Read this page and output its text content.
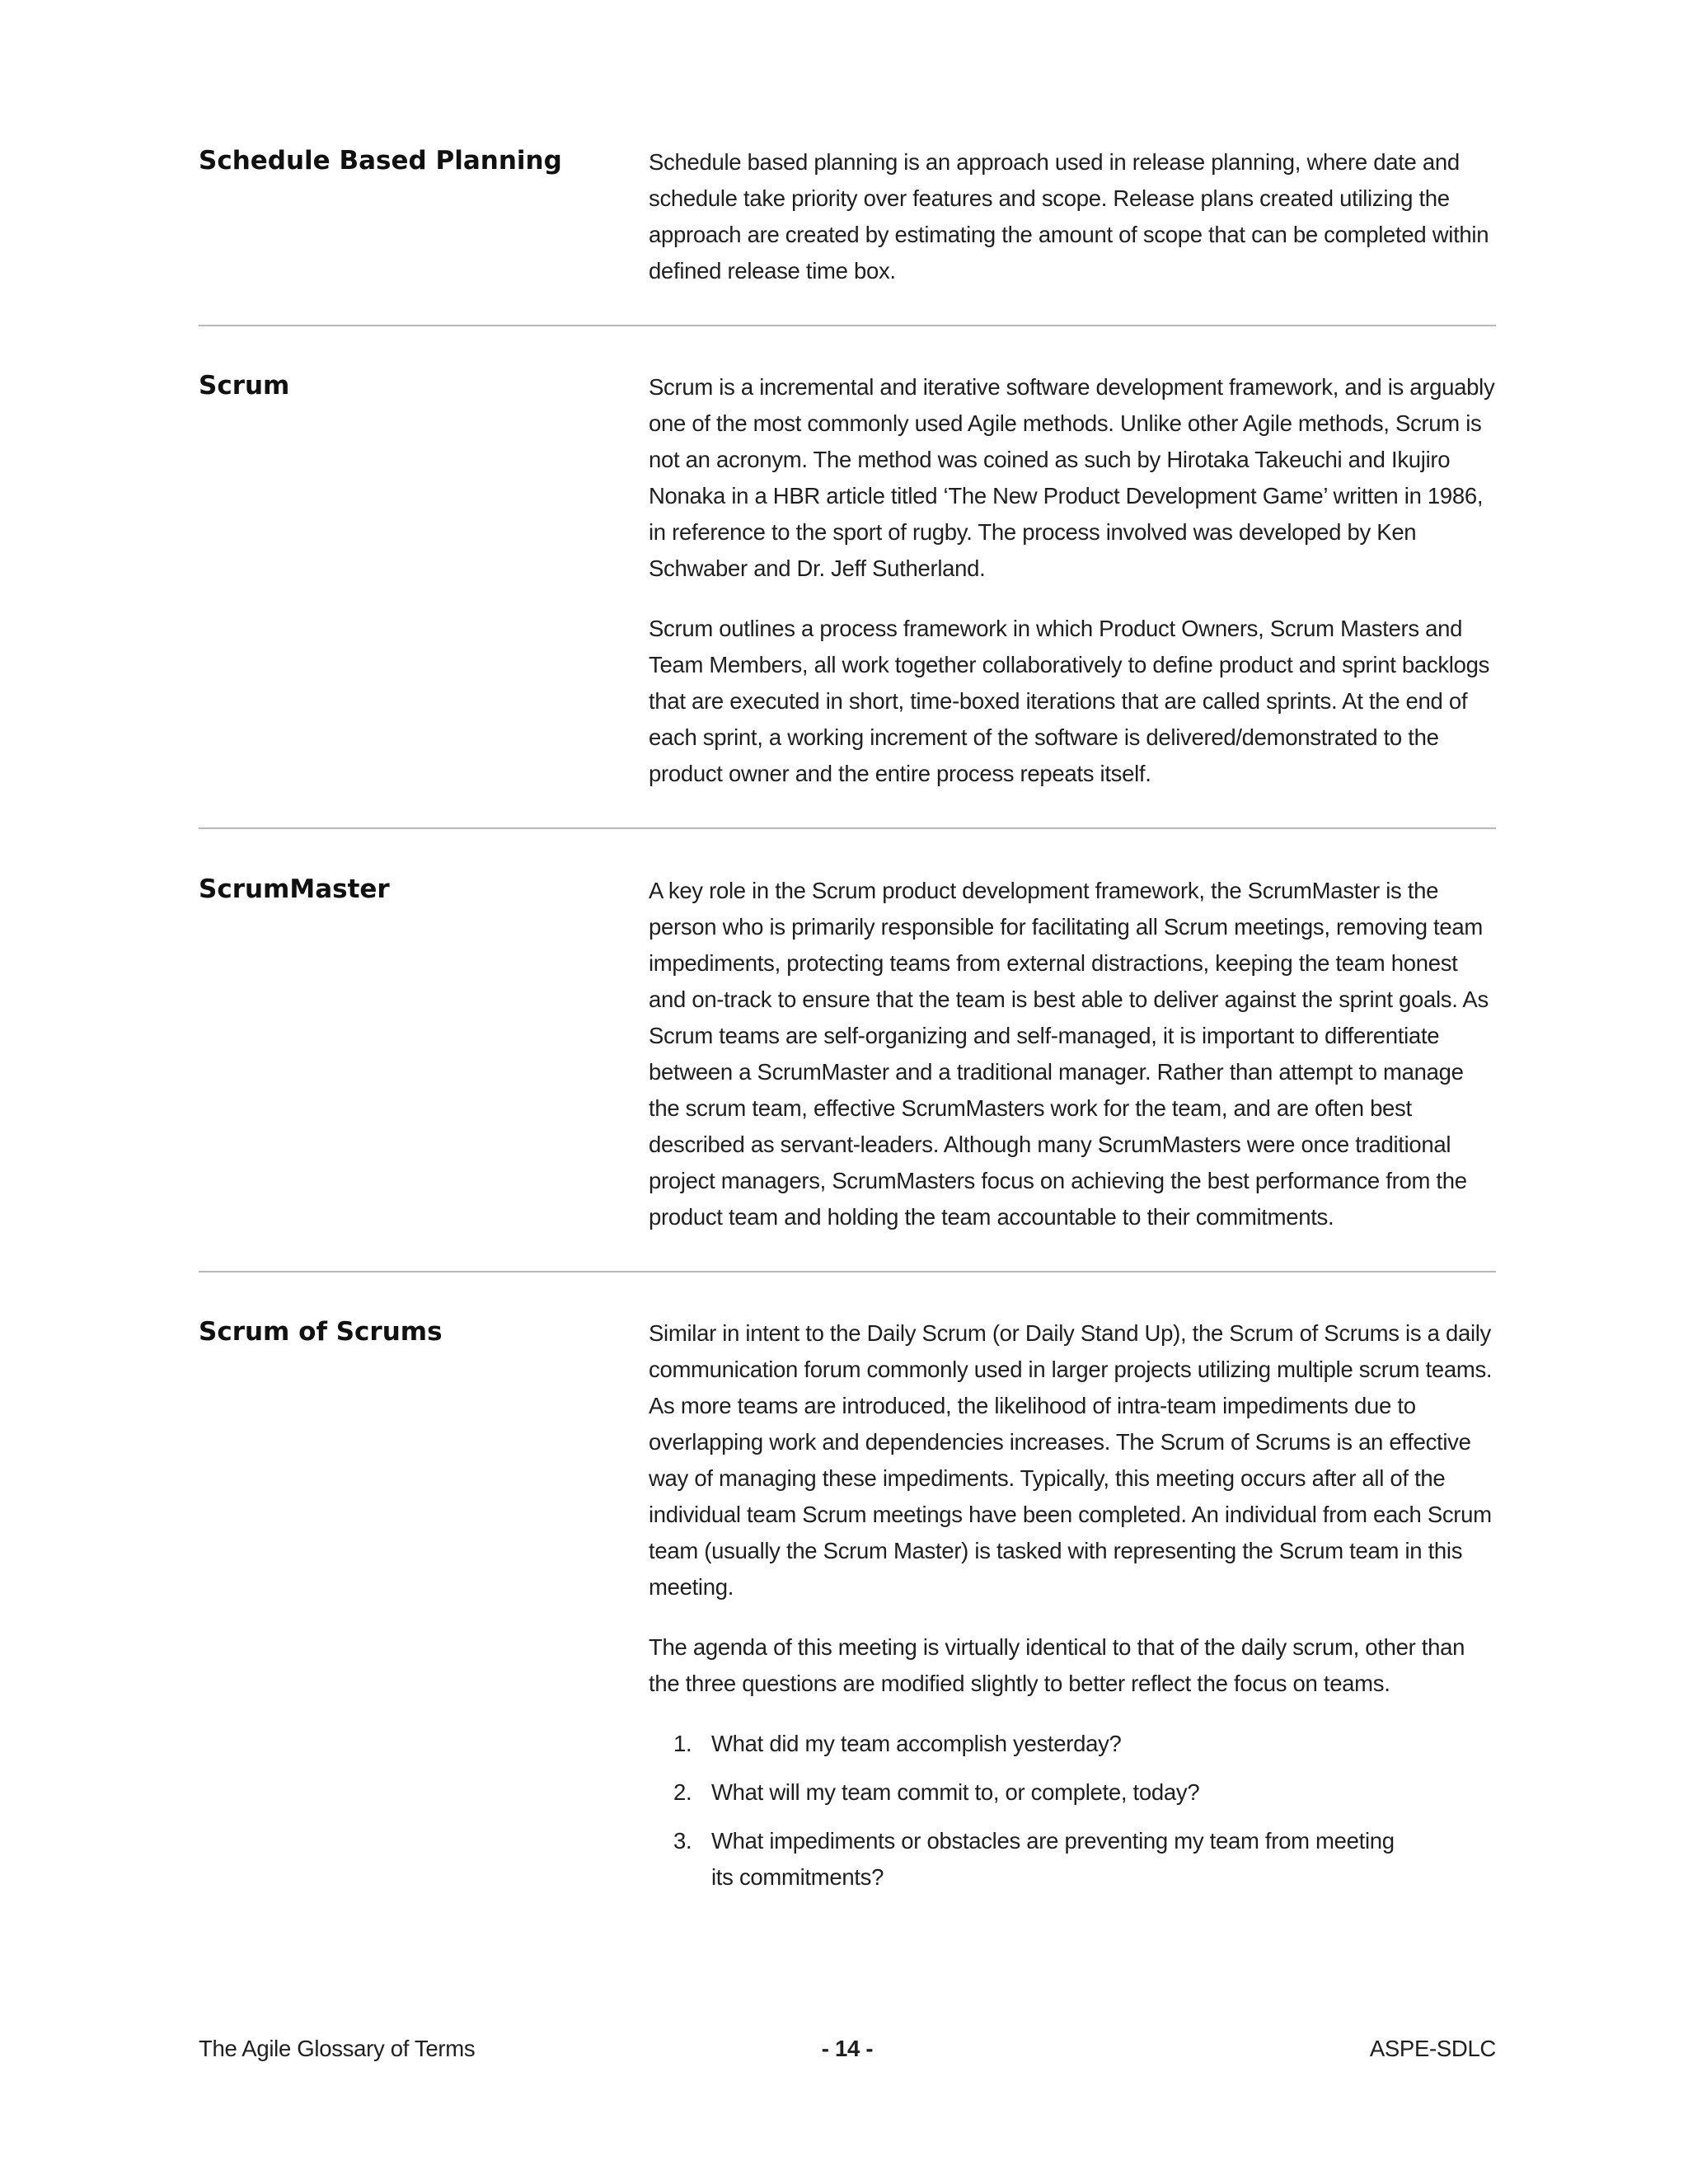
Schedule Based Planning	Schedule based planning is an approach used in release planning, where date and schedule take priority over features and scope. Release plans created utilizing the approach are created by estimating the amount of scope that can be completed within defined release time box.

Scrum	Scrum is a incremental and iterative software development framework, and is arguably one of the most commonly used Agile methods. Unlike other Agile methods, Scrum is not an acronym. The method was coined as such by Hirotaka Takeuchi and Ikujiro Nonaka in a HBR article titled ‘The New Product Development Game’ written in 1986, in reference to the sport of rugby. The process involved was developed by Ken Schwaber and Dr. Jeff Sutherland.

Scrum outlines a process framework in which Product Owners, Scrum Masters and Team Members, all work together collaboratively to define product and sprint backlogs that are executed in short, time-boxed iterations that are called sprints. At the end of each sprint, a working increment of the software is delivered/demonstrated to the product owner and the entire process repeats itself.

ScrumMaster	A key role in the Scrum product development framework, the ScrumMaster is the person who is primarily responsible for facilitating all Scrum meetings, removing team impediments, protecting teams from external distractions, keeping the team honest and on-track to ensure that the team is best able to deliver against the sprint goals. As Scrum teams are self-organizing and self-managed, it is important to differentiate between a ScrumMaster and a traditional manager. Rather than attempt to manage the scrum team, effective ScrumMasters work for the team, and are often best described as servant-leaders. Although many ScrumMasters were once traditional project managers, ScrumMasters focus on achieving the best performance from the product team and holding the team accountable to their commitments.

Scrum of Scrums	Similar in intent to the Daily Scrum (or Daily Stand Up), the Scrum of Scrums is a daily communication forum commonly used in larger projects utilizing multiple scrum teams. As more teams are introduced, the likelihood of intra-team impediments due to overlapping work and dependencies increases. The Scrum of Scrums is an effective way of managing these impediments. Typically, this meeting occurs after all of the individual team Scrum meetings have been completed. An individual from each Scrum team (usually the Scrum Master) is tasked with representing the Scrum team in this meeting.

The agenda of this meeting is virtually identical to that of the daily scrum, other than the three questions are modified slightly to better reflect the focus on teams.

1. What did my team accomplish yesterday?
2. What will my team commit to, or complete, today?
3. What impediments or obstacles are preventing my team from meeting its commitments?
The Agile Glossary of Terms	- 14 -	ASPE-SDLC
